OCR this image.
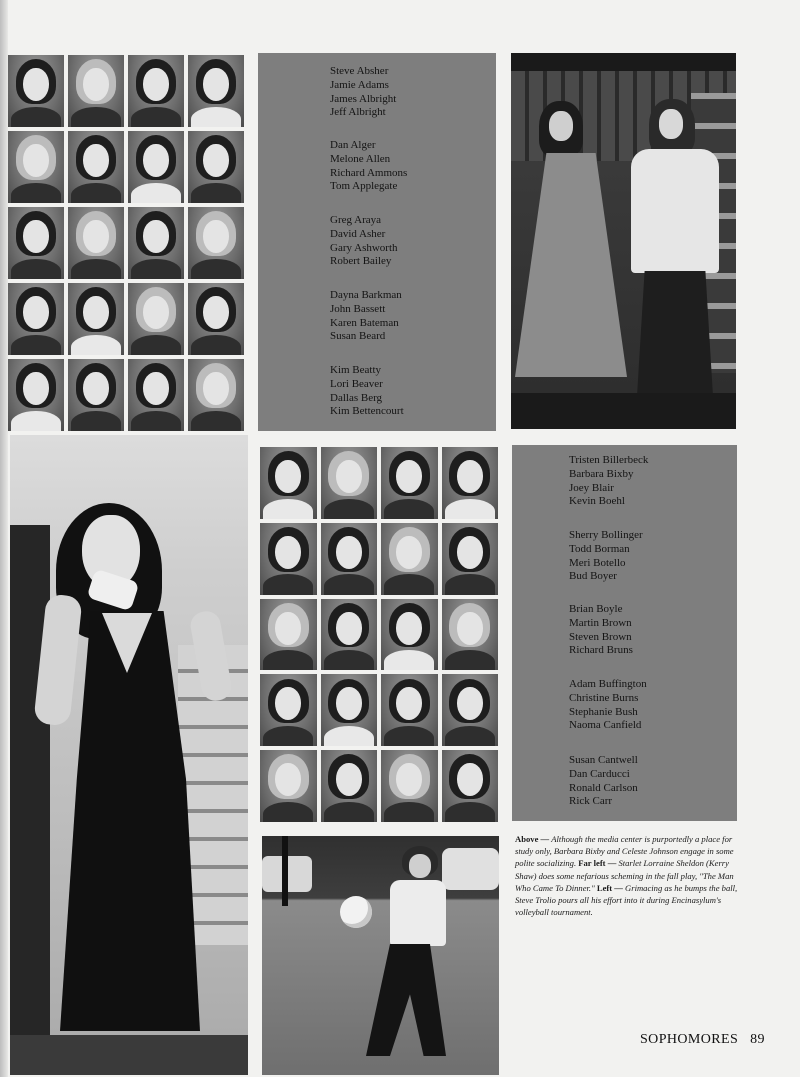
Steve Absher
Jamie Adams
James Albright
Jeff Albright
Dan Alger
Melone Allen
Richard Ammons
Tom Applegate
Greg Araya
David Asher
Gary Ashworth
Robert Bailey
Dayna Barkman
John Bassett
Karen Bateman
Susan Beard
Kim Beatty
Lori Beaver
Dallas Berg
Kim Bettencourt
Tristen Billerbeck
Barbara Bixby
Joey Blair
Kevin Boehl
Sherry Bollinger
Todd Borman
Meri Botello
Bud Boyer
Brian Boyle
Martin Brown
Steven Brown
Richard Bruns
Adam Buffington
Christine Burns
Stephanie Bush
Naoma Canfield
Susan Cantwell
Dan Carducci
Ronald Carlson
Rick Carr
Above — Although the media center is purportedly a place for study only, Barbara Bixby and Celeste Johnson engage in some polite socializing. Far left — Starlet Lorraine Sheldon (Kerry Shaw) does some nefarious scheming in the fall play, "The Man Who Came To Dinner." Left — Grimacing as he bumps the ball, Steve Trolio pours all his effort into it during Encinasylum's volleyball tournament.
SOPHOMORES 89
